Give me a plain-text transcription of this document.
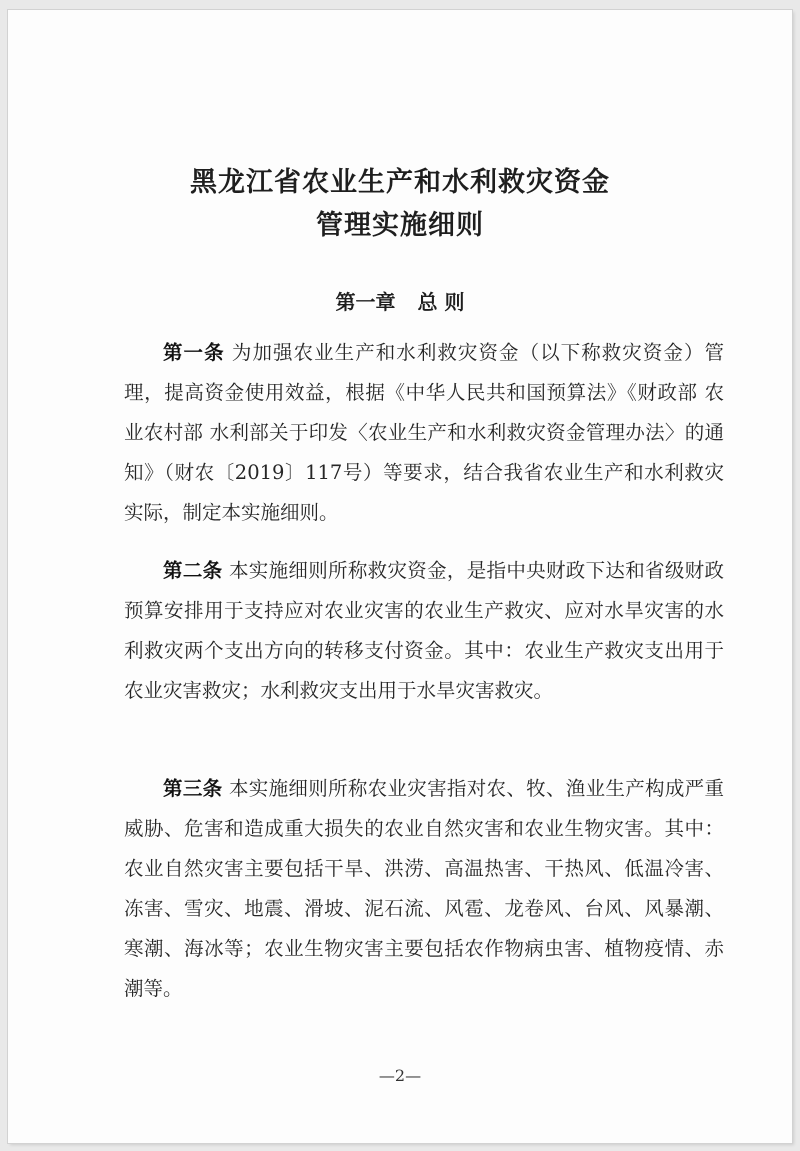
黑龙江省农业生产和水利救灾资金
管理实施细则
第一章 总 则
第一条 为加强农业生产和水利救灾资金（以下称救灾资金）管理，提高资金使用效益，根据《中华人民共和国预算法》《财政部 农业农村部 水利部关于印发〈农业生产和水利救灾资金管理办法〉的通知》（财农〔2019〕117号）等要求，结合我省农业生产和水利救灾实际，制定本实施细则。
第二条 本实施细则所称救灾资金，是指中央财政下达和省级财政预算安排用于支持应对农业灾害的农业生产救灾、应对水旱灾害的水利救灾两个支出方向的转移支付资金。其中：农业生产救灾支出用于农业灾害救灾；水利救灾支出用于水旱灾害救灾。
第三条 本实施细则所称农业灾害指对农、牧、渔业生产构成严重威胁、危害和造成重大损失的农业自然灾害和农业生物灾害。其中：农业自然灾害主要包括干旱、洪涝、高温热害、干热风、低温冷害、冻害、雪灾、地震、滑坡、泥石流、风雹、龙卷风、台风、风暴潮、寒潮、海冰等；农业生物灾害主要包括农作物病虫害、植物疫情、赤潮等。
—2—
